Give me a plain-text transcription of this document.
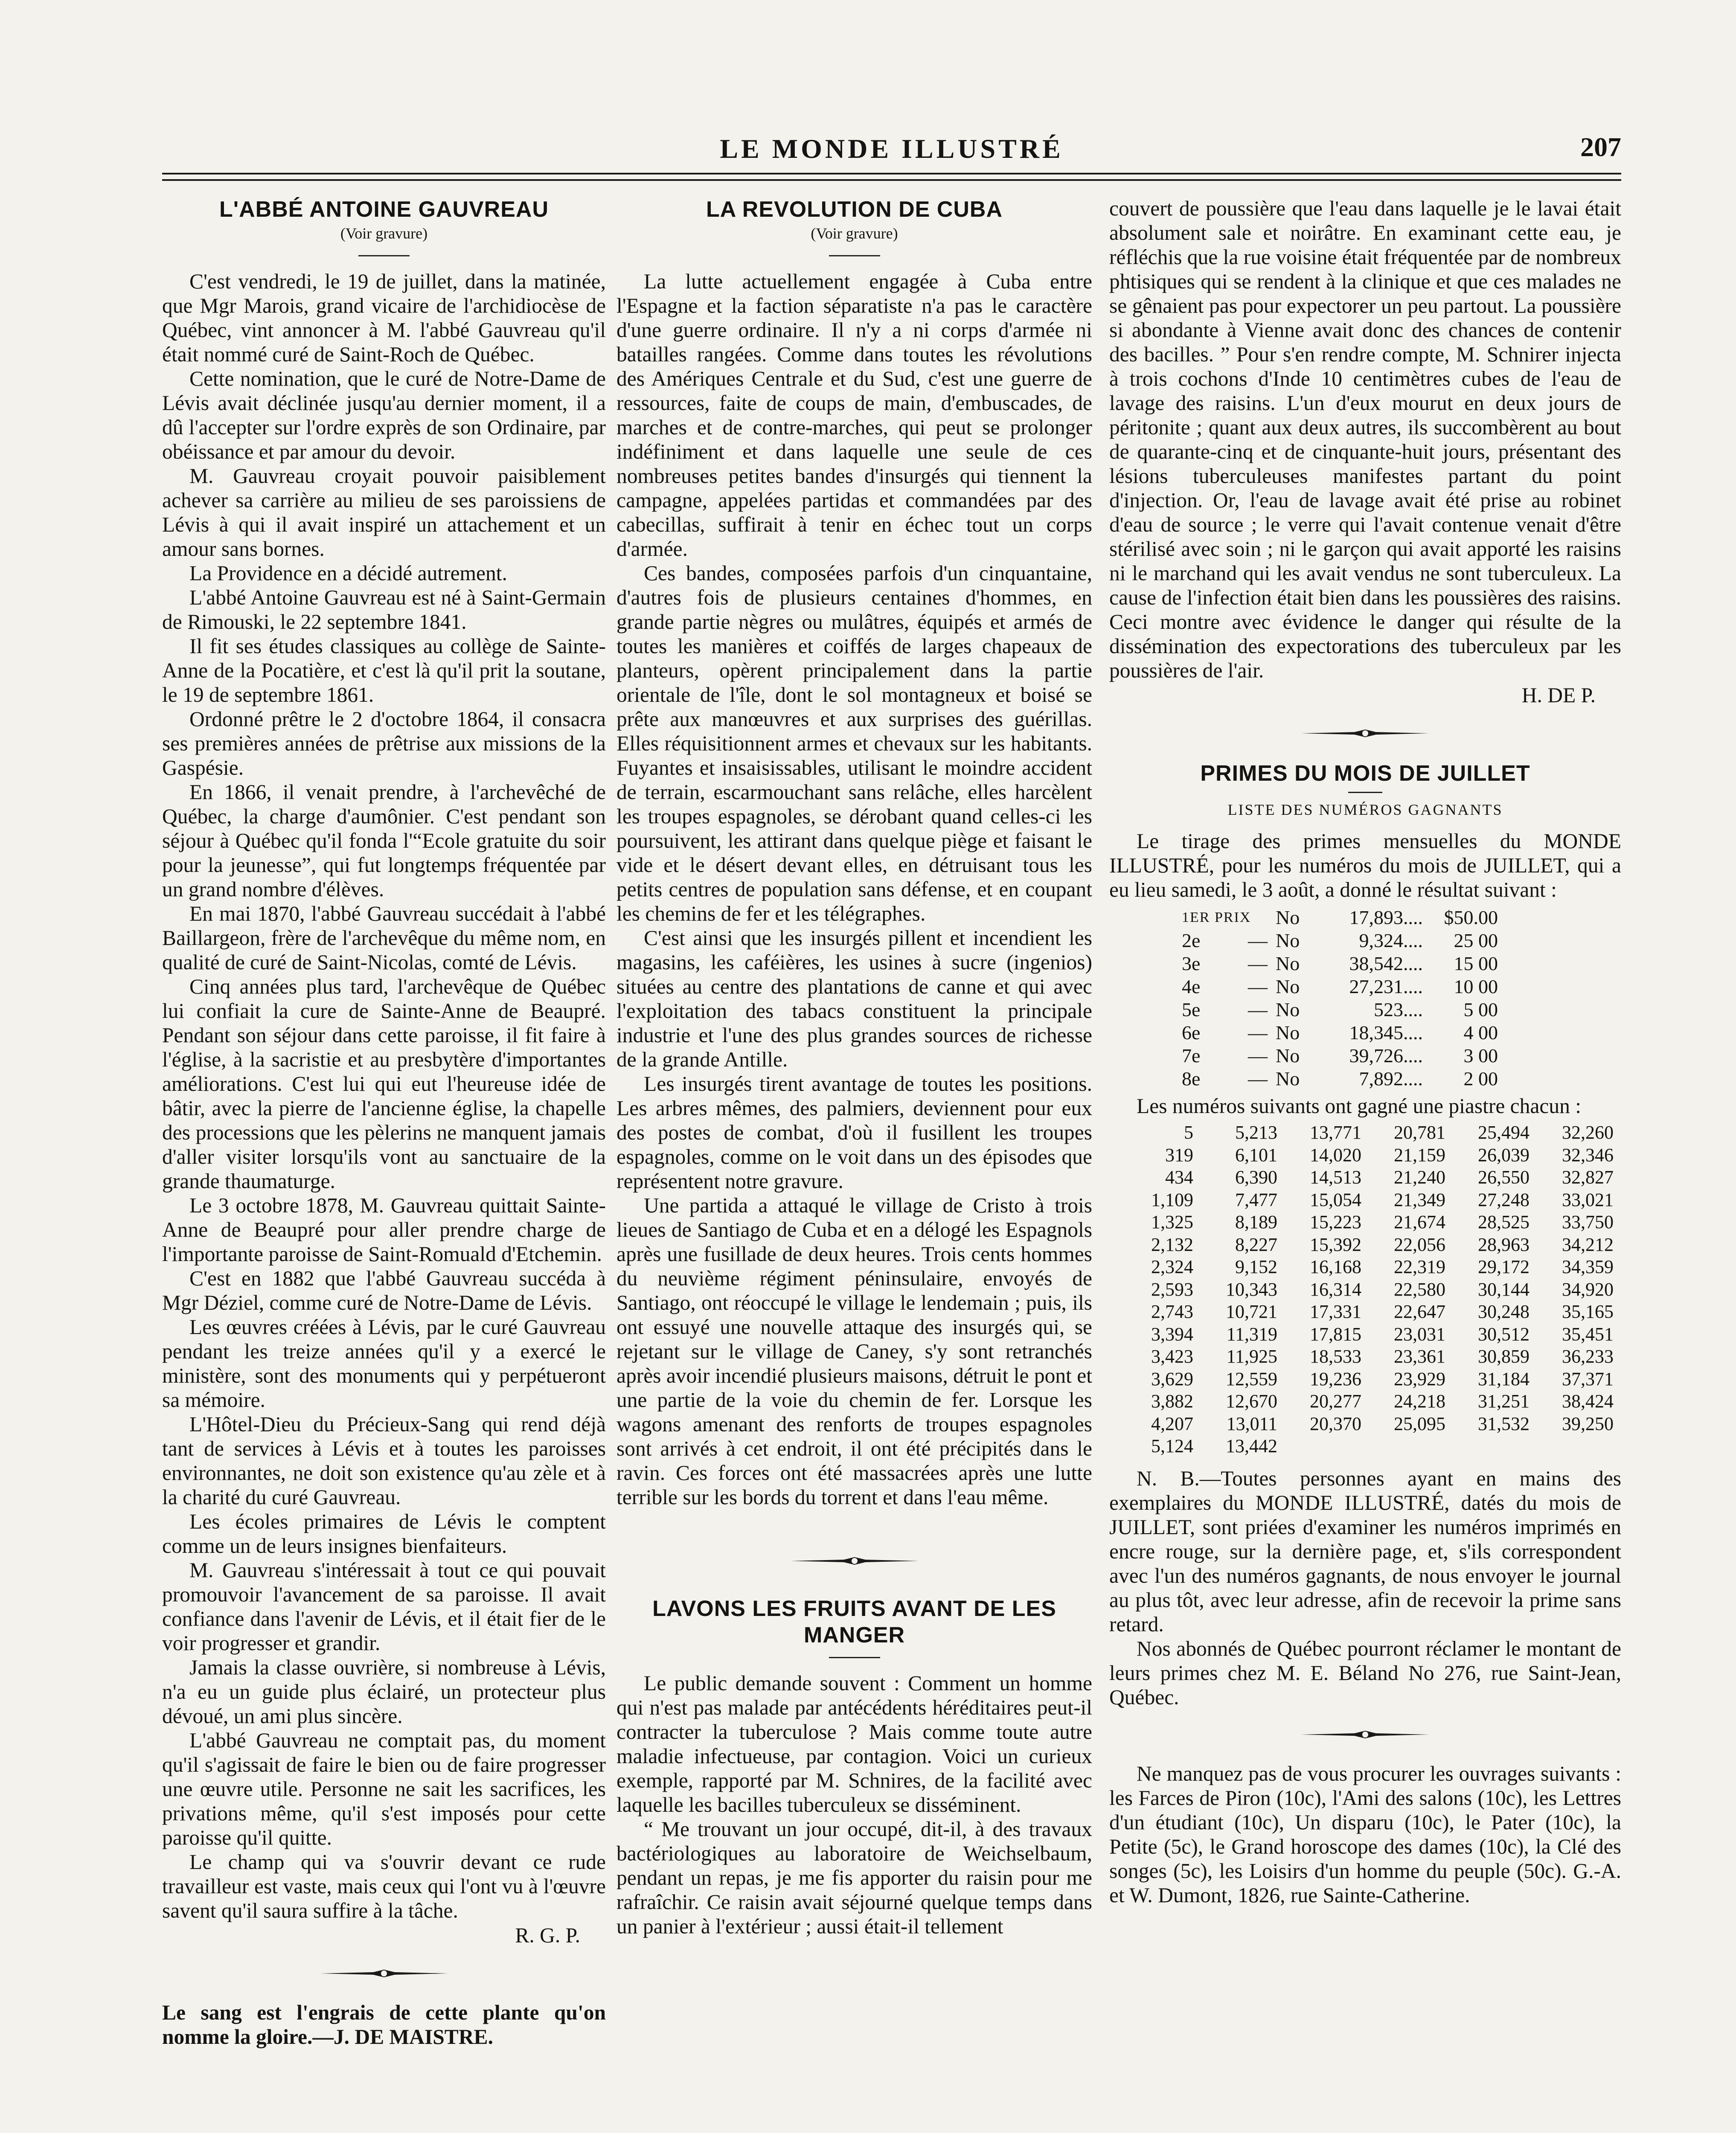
LE MONDE ILLUSTRÉ	207
L'ABBÉ ANTOINE GAUVREAU
(Voir gravure)

C'est vendredi, le 19 de juillet, dans la matinée, que Mgr Marois, grand vicaire de l'archidiocèse de Québec, vint annoncer à M. l'abbé Gauvreau qu'il était nommé curé de Saint-Roch de Québec.

Cette nomination, que le curé de Notre-Dame de Lévis avait déclinée jusqu'au dernier moment, il a dû l'accepter sur l'ordre exprès de son Ordinaire, par obéissance et par amour du devoir.

M. Gauvreau croyait pouvoir paisiblement achever sa carrière au milieu de ses paroissiens de Lévis à qui il avait inspiré un attachement et un amour sans bornes.

La Providence en a décidé autrement.

L'abbé Antoine Gauvreau est né à Saint-Germain de Rimouski, le 22 septembre 1841.

Il fit ses études classiques au collège de Sainte-Anne de la Pocatière, et c'est là qu'il prit la soutane, le 19 de septembre 1861.

Ordonné prêtre le 2 d'octobre 1864, il consacra ses premières années de prêtrise aux missions de la Gaspésie.

En 1866, il venait prendre, à l'archevêché de Québec, la charge d'aumônier. C'est pendant son séjour à Québec qu'il fonda l'“Ecole gratuite du soir pour la jeunesse”, qui fut longtemps fréquentée par un grand nombre d'élèves.

En mai 1870, l'abbé Gauvreau succédait à l'abbé Baillargeon, frère de l'archevêque du même nom, en qualité de curé de Saint-Nicolas, comté de Lévis.

Cinq années plus tard, l'archevêque de Québec lui confiait la cure de Sainte-Anne de Beaupré. Pendant son séjour dans cette paroisse, il fit faire à l'église, à la sacristie et au presbytère d'importantes améliorations. C'est lui qui eut l'heureuse idée de bâtir, avec la pierre de l'ancienne église, la chapelle des processions que les pèlerins ne manquent jamais d'aller visiter lorsqu'ils vont au sanctuaire de la grande thaumaturge.

Le 3 octobre 1878, M. Gauvreau quittait Sainte-Anne de Beaupré pour aller prendre charge de l'importante paroisse de Saint-Romuald d'Etchemin.

C'est en 1882 que l'abbé Gauvreau succéda à Mgr Déziel, comme curé de Notre-Dame de Lévis.

Les œuvres créées à Lévis, par le curé Gauvreau pendant les treize années qu'il y a exercé le ministère, sont des monuments qui y perpétueront sa mémoire.

L'Hôtel-Dieu du Précieux-Sang qui rend déjà tant de services à Lévis et à toutes les paroisses environnantes, ne doit son existence qu'au zèle et à la charité du curé Gauvreau.

Les écoles primaires de Lévis le comptent comme un de leurs insignes bienfaiteurs.

M. Gauvreau s'intéressait à tout ce qui pouvait promouvoir l'avancement de sa paroisse. Il avait confiance dans l'avenir de Lévis, et il était fier de le voir progresser et grandir.

Jamais la classe ouvrière, si nombreuse à Lévis, n'a eu un guide plus éclairé, un protecteur plus dévoué, un ami plus sincère.

L'abbé Gauvreau ne comptait pas, du moment qu'il s'agissait de faire le bien ou de faire progresser une œuvre utile. Personne ne sait les sacrifices, les privations même, qu'il s'est imposés pour cette paroisse qu'il quitte.

Le champ qui va s'ouvrir devant ce rude travailleur est vaste, mais ceux qui l'ont vu à l'œuvre savent qu'il saura suffire à la tâche.

R. G. P.

Le sang est l'engrais de cette plante qu'on nomme la gloire.—J. DE MAISTRE.

LA REVOLUTION DE CUBA
(Voir gravure)

La lutte actuellement engagée à Cuba entre l'Espagne et la faction séparatiste n'a pas le caractère d'une guerre ordinaire. Il n'y a ni corps d'armée ni batailles rangées. Comme dans toutes les révolutions des Amériques Centrale et du Sud, c'est une guerre de ressources, faite de coups de main, d'embuscades, de marches et de contre-marches, qui peut se prolonger indéfiniment et dans laquelle une seule de ces nombreuses petites bandes d'insurgés qui tiennent la campagne, appelées partidas et commandées par des cabecillas, suffirait à tenir en échec tout un corps d'armée.

Ces bandes, composées parfois d'un cinquantaine, d'autres fois de plusieurs centaines d'hommes, en grande partie nègres ou mulâtres, équipés et armés de toutes les manières et coiffés de larges chapeaux de planteurs, opèrent principalement dans la partie orientale de l'île, dont le sol montagneux et boisé se prête aux manœuvres et aux surprises des guérillas. Elles réquisitionnent armes et chevaux sur les habitants. Fuyantes et insaisissables, utilisant le moindre accident de terrain, escarmouchant sans relâche, elles harcèlent les troupes espagnoles, se dérobant quand celles-ci les poursuivent, les attirant dans quelque piège et faisant le vide et le désert devant elles, en détruisant tous les petits centres de population sans défense, et en coupant les chemins de fer et les télégraphes.

C'est ainsi que les insurgés pillent et incendient les magasins, les caféières, les usines à sucre (ingenios) situées au centre des plantations de canne et qui avec l'exploitation des tabacs constituent la principale industrie et l'une des plus grandes sources de richesse de la grande Antille.

Les insurgés tirent avantage de toutes les positions. Les arbres mêmes, des palmiers, deviennent pour eux des postes de combat, d'où il fusillent les troupes espagnoles, comme on le voit dans un des épisodes que représentent notre gravure.

Une partida a attaqué le village de Cristo à trois lieues de Santiago de Cuba et en a délogé les Espagnols après une fusillade de deux heures. Trois cents hommes du neuvième régiment péninsulaire, envoyés de Santiago, ont réoccupé le village le lendemain ; puis, ils ont essuyé une nouvelle attaque des insurgés qui, se rejetant sur le village de Caney, s'y sont retranchés après avoir incendié plusieurs maisons, détruit le pont et une partie de la voie du chemin de fer. Lorsque les wagons amenant des renforts de troupes espagnoles sont arrivés à cet endroit, il ont été précipités dans le ravin. Ces forces ont été massacrées après une lutte terrible sur les bords du torrent et dans l'eau même.

LAVONS LES FRUITS AVANT DE LES MANGER

Le public demande souvent : Comment un homme qui n'est pas malade par antécédents héréditaires peut-il contracter la tuberculose ? Mais comme toute autre maladie infectueuse, par contagion. Voici un curieux exemple, rapporté par M. Schnires, de la facilité avec laquelle les bacilles tuberculeux se disséminent.

“ Me trouvant un jour occupé, dit-il, à des travaux bactériologiques au laboratoire de Weichselbaum, pendant un repas, je me fis apporter du raisin pour me rafraîchir. Ce raisin avait séjourné quelque temps dans un panier à l'extérieur ; aussi était-il tellement

couvert de poussière que l'eau dans laquelle je le lavai était absolument sale et noirâtre. En examinant cette eau, je réfléchis que la rue voisine était fréquentée par de nombreux phtisiques qui se rendent à la clinique et que ces malades ne se gênaient pas pour expectorer un peu partout. La poussière si abondante à Vienne avait donc des chances de contenir des bacilles. ” Pour s'en rendre compte, M. Schnirer injecta à trois cochons d'Inde 10 centimètres cubes de l'eau de lavage des raisins. L'un d'eux mourut en deux jours de péritonite ; quant aux deux autres, ils succombèrent au bout de quarante-cinq et de cinquante-huit jours, présentant des lésions tuberculeuses manifestes partant du point d'injection. Or, l'eau de lavage avait été prise au robinet d'eau de source ; le verre qui l'avait contenue venait d'être stérilisé avec soin ; ni le garçon qui avait apporté les raisins ni le marchand qui les avait vendus ne sont tuberculeux. La cause de l'infection était bien dans les poussières des raisins. Ceci montre avec évidence le danger qui résulte de la dissémination des expectorations des tuberculeux par les poussières de l'air.

H. DE P.
PRIMES DU MOIS DE JUILLET
LISTE DES NUMÉROS GAGNANTS

Le tirage des primes mensuelles du MONDE ILLUSTRÉ, pour les numéros du mois de JUILLET, qui a eu lieu samedi, le 3 août, a donné le résultat suivant :

1ER PRIX		No	17,893....	$50.00
2e	—	No	9,324....	25 00
3e	—	No	38,542....	15 00
4e	—	No	27,231....	10 00
5e	—	No	523....	5 00
6e	—	No	18,345....	4 00
7e	—	No	39,726....	3 00
8e	—	No	7,892....	2 00

Les numéros suivants ont gagné une piastre chacun :

5	5,213	13,771	20,781	25,494	32,260
319	6,101	14,020	21,159	26,039	32,346
434	6,390	14,513	21,240	26,550	32,827
1,109	7,477	15,054	21,349	27,248	33,021
1,325	8,189	15,223	21,674	28,525	33,750
2,132	8,227	15,392	22,056	28,963	34,212
2,324	9,152	16,168	22,319	29,172	34,359
2,593	10,343	16,314	22,580	30,144	34,920
2,743	10,721	17,331	22,647	30,248	35,165
3,394	11,319	17,815	23,031	30,512	35,451
3,423	11,925	18,533	23,361	30,859	36,233
3,629	12,559	19,236	23,929	31,184	37,371
3,882	12,670	20,277	24,218	31,251	38,424
4,207	13,011	20,370	25,095	31,532	39,250
5,124	13,442				

N. B.—Toutes personnes ayant en mains des exemplaires du MONDE ILLUSTRÉ, datés du mois de JUILLET, sont priées d'examiner les numéros imprimés en encre rouge, sur la dernière page, et, s'ils correspondent avec l'un des numéros gagnants, de nous envoyer le journal au plus tôt, avec leur adresse, afin de recevoir la prime sans retard.

Nos abonnés de Québec pourront réclamer le montant de leurs primes chez M. E. Béland No 276, rue Saint-Jean, Québec.

Ne manquez pas de vous procurer les ouvrages suivants : les Farces de Piron (10c), l'Ami des salons (10c), les Lettres d'un étudiant (10c), Un disparu (10c), le Pater (10c), la Petite (5c), le Grand horoscope des dames (10c), la Clé des songes (5c), les Loisirs d'un homme du peuple (50c). G.-A. et W. Dumont, 1826, rue Sainte-Catherine.
